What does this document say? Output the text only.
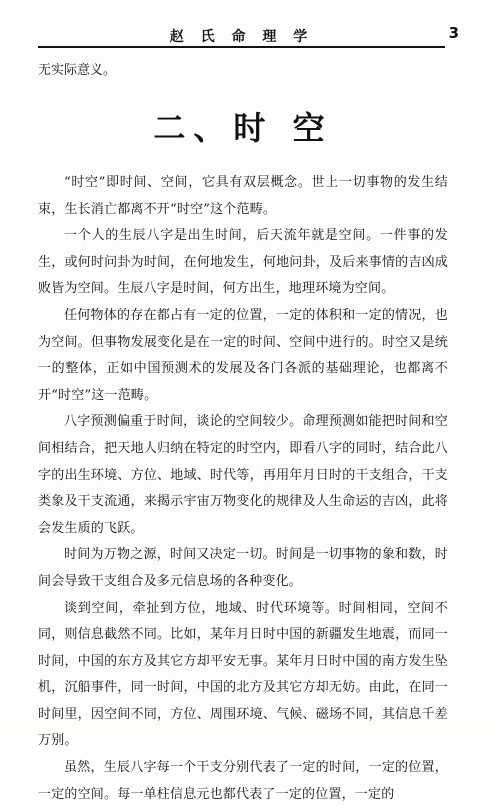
赵 氏 命 理 学	3

无实际意义。

二、时 空

“时空”即时间、空间，它具有双层概念。世上一切事物的发生结束，生长消亡都离不开“时空”这个范畴。

一个人的生辰八字是出生时间，后天流年就是空间。一件事的发生，或何时问卦为时间，在何地发生，何地问卦，及后来事情的吉凶成败皆为空间。生辰八字是时间，何方出生，地理环境为空间。

任何物体的存在都占有一定的位置，一定的体积和一定的情况，也为空间。但事物发展变化是在一定的时间、空间中进行的。时空又是统一的整体，正如中国预测术的发展及各门各派的基础理论，也都离不开“时空”这一范畴。

八字预测偏重于时间，谈论的空间较少。命理预测如能把时间和空间相结合，把天地人归纳在特定的时空内，即看八字的同时，结合此八字的出生环境、方位、地域、时代等，再用年月日时的干支组合，干支类象及干支流通，来揭示宇宙万物变化的规律及人生命运的吉凶，此将会发生质的飞跃。

时间为万物之源，时间又决定一切。时间是一切事物的象和数，时间会导致干支组合及多元信息场的各种变化。

谈到空间，牵扯到方位，地域、时代环境等。时间相同，空间不同，则信息截然不同。比如，某年月日时中国的新疆发生地震，而同一时间，中国的东方及其它方却平安无事。某年月日时中国的南方发生坠机，沉船事件，同一时间，中国的北方及其它方却无妨。由此，在同一时间里，因空间不同，方位、周围环境、气候、磁场不同，其信息千差万别。

虽然，生辰八字每一个干支分别代表了一定的时间，一定的位置，一定的空间。每一单柱信息元也都代表了一定的位置，一定的
